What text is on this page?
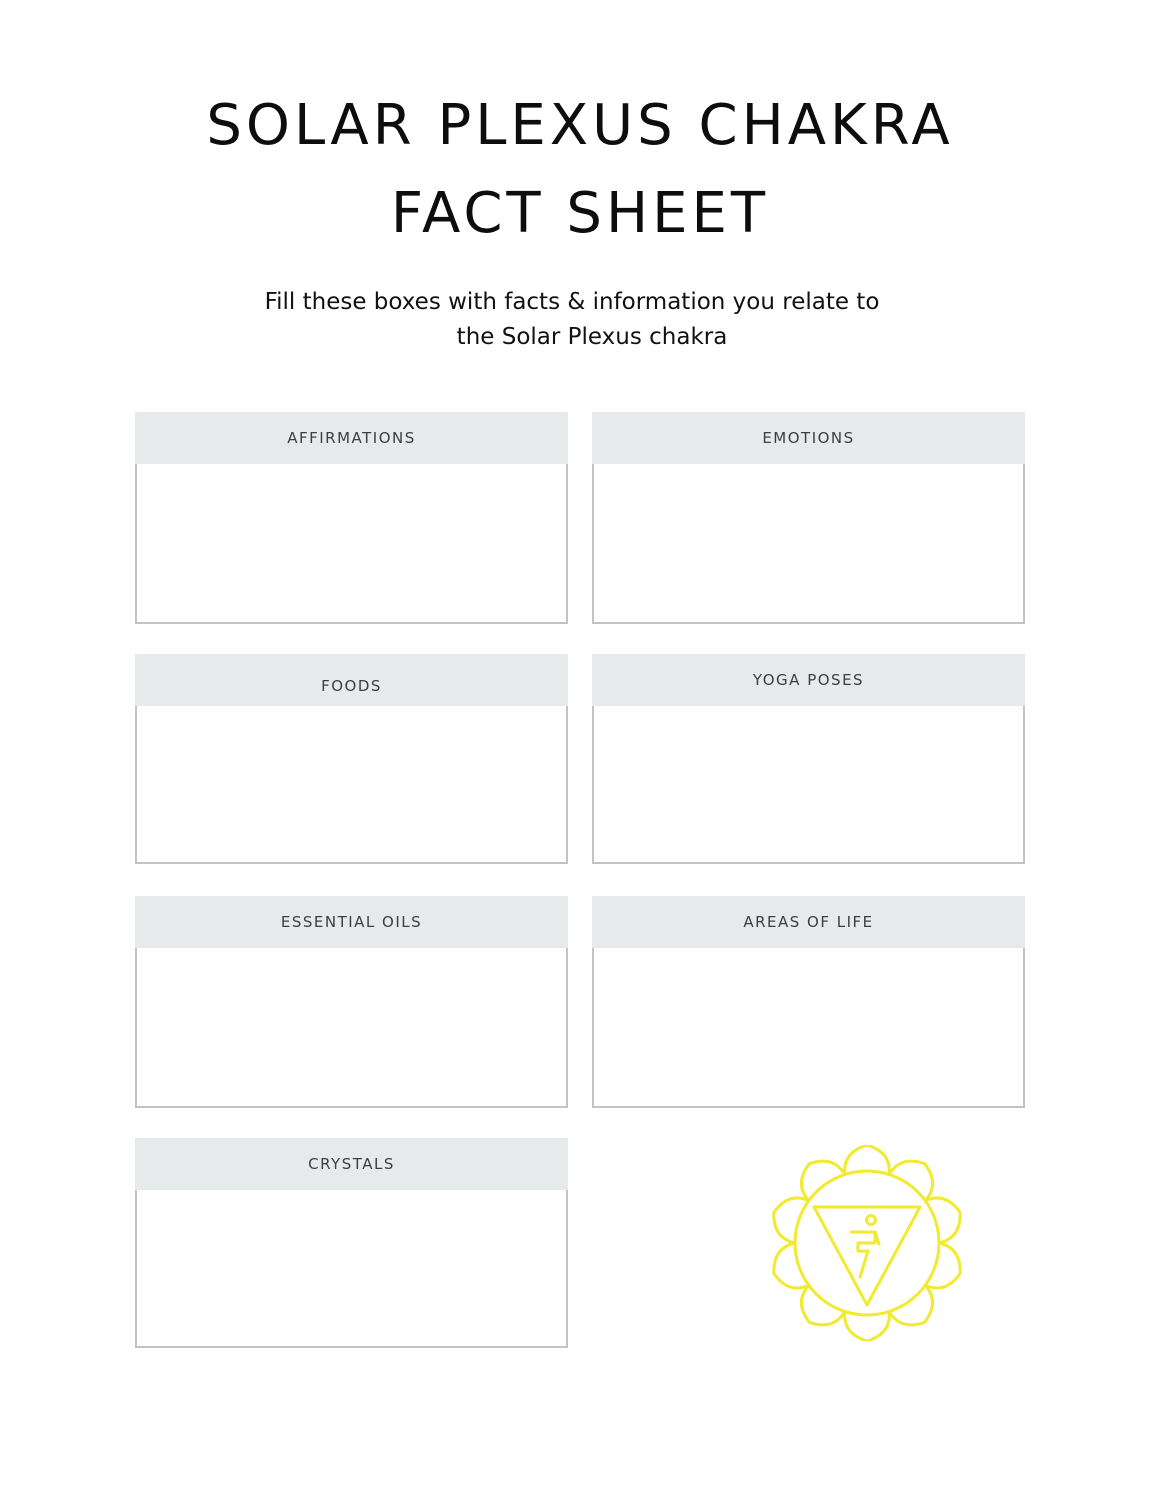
SOLAR PLEXUS CHAKRA
FACT SHEET
Fill these boxes with facts & information you relate to
the Solar Plexus chakra
AFFIRMATIONS	EMOTIONS
FOODS	YOGA POSES
ESSENTIAL OILS	AREAS OF LIFE
CRYSTALS
